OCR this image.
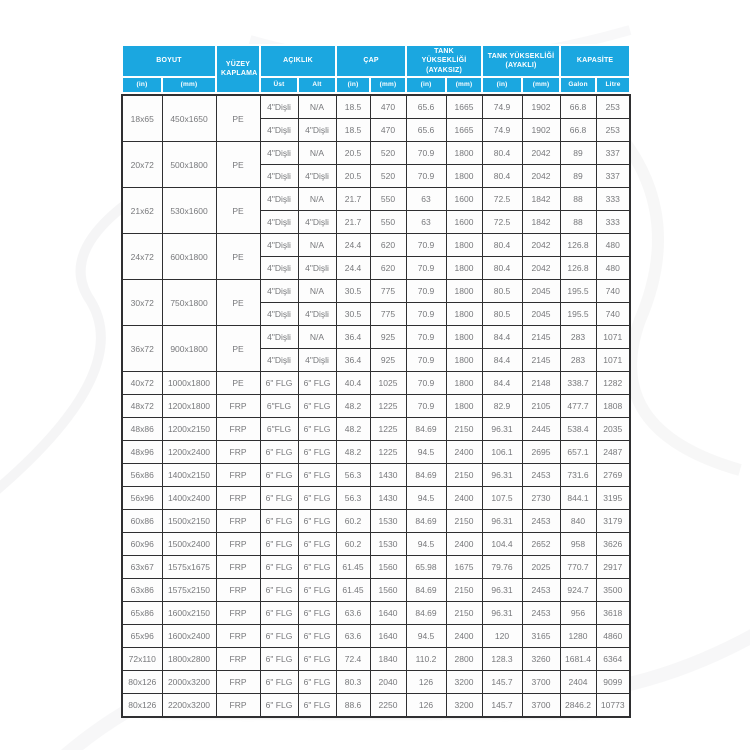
BOYUT		YÜZEY KAPLAMA	AÇIKLIK		ÇAP		TANK YÜKSEKLİĞİ (AYAKSIZ)		TANK YÜKSEKLİĞİ (AYAKLI)		KAPASİTE	
(in)	(mm)		Üst	Alt	(in)	(mm)	(in)	(mm)	(in)	(mm)	Galon	Litre
18x65	450x1650	PE	4"Dişli	N/A	18.5	470	65.6	1665	74.9	1902	66.8	253
			4"Dişli	4"Dişli	18.5	470	65.6	1665	74.9	1902	66.8	253
20x72	500x1800	PE	4"Dişli	N/A	20.5	520	70.9	1800	80.4	2042	89	337
			4"Dişli	4"Dişli	20.5	520	70.9	1800	80.4	2042	89	337
21x62	530x1600	PE	4"Dişli	N/A	21.7	550	63	1600	72.5	1842	88	333
			4"Dişli	4"Dişli	21.7	550	63	1600	72.5	1842	88	333
24x72	600x1800	PE	4"Dişli	N/A	24.4	620	70.9	1800	80.4	2042	126.8	480
			4"Dişli	4"Dişli	24.4	620	70.9	1800	80.4	2042	126.8	480
30x72	750x1800	PE	4"Dişli	N/A	30.5	775	70.9	1800	80.5	2045	195.5	740
			4"Dişli	4"Dişli	30.5	775	70.9	1800	80.5	2045	195.5	740
36x72	900x1800	PE	4"Dişli	N/A	36.4	925	70.9	1800	84.4	2145	283	1071
			4"Dişli	4"Dişli	36.4	925	70.9	1800	84.4	2145	283	1071
40x72	1000x1800	PE	6" FLG	6" FLG	40.4	1025	70.9	1800	84.4	2148	338.7	1282
48x72	1200x1800	FRP	6"FLG	6" FLG	48.2	1225	70.9	1800	82.9	2105	477.7	1808
48x86	1200x2150	FRP	6"FLG	6" FLG	48.2	1225	84.69	2150	96.31	2445	538.4	2035
48x96	1200x2400	FRP	6" FLG	6" FLG	48.2	1225	94.5	2400	106.1	2695	657.1	2487
56x86	1400x2150	FRP	6" FLG	6" FLG	56.3	1430	84.69	2150	96.31	2453	731.6	2769
56x96	1400x2400	FRP	6" FLG	6" FLG	56.3	1430	94.5	2400	107.5	2730	844.1	3195
60x86	1500x2150	FRP	6" FLG	6" FLG	60.2	1530	84.69	2150	96.31	2453	840	3179
60x96	1500x2400	FRP	6" FLG	6" FLG	60.2	1530	94.5	2400	104.4	2652	958	3626
63x67	1575x1675	FRP	6" FLG	6" FLG	61.45	1560	65.98	1675	79.76	2025	770.7	2917
63x86	1575x2150	FRP	6" FLG	6" FLG	61.45	1560	84.69	2150	96.31	2453	924.7	3500
65x86	1600x2150	FRP	6" FLG	6" FLG	63.6	1640	84.69	2150	96.31	2453	956	3618
65x96	1600x2400	FRP	6" FLG	6" FLG	63.6	1640	94.5	2400	120	3165	1280	4860
72x110	1800x2800	FRP	6" FLG	6" FLG	72.4	1840	110.2	2800	128.3	3260	1681.4	6364
80x126	2000x3200	FRP	6" FLG	6" FLG	80.3	2040	126	3200	145.7	3700	2404	9099
80x126	2200x3200	FRP	6" FLG	6" FLG	88.6	2250	126	3200	145.7	3700	2846.2	10773
